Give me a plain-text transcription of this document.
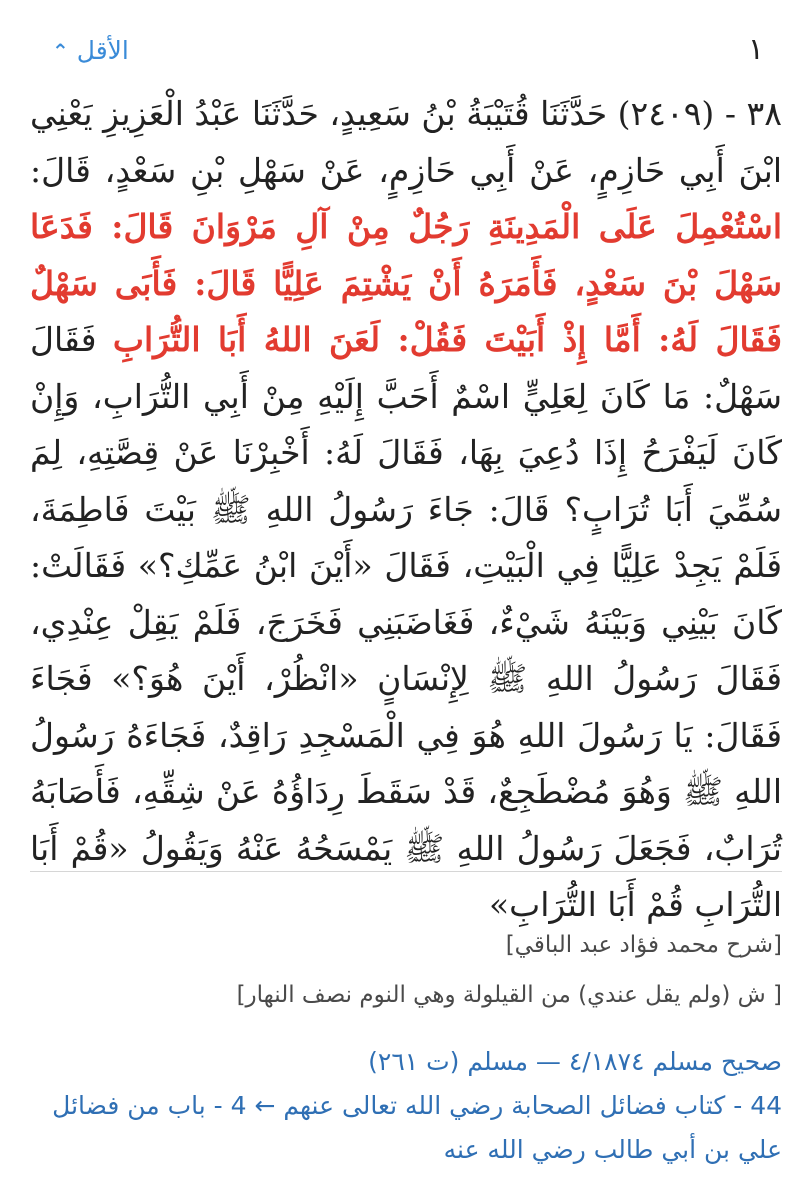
⌃ الأقل	١
٣٨ - (٢٤٠٩) حَدَّثَنَا قُتَيْبَةُ بْنُ سَعِيدٍ، حَدَّثَنَا عَبْدُ الْعَزِيزِ يَعْنِي ابْنَ أَبِي حَازِمٍ، عَنْ أَبِي حَازِمٍ، عَنْ سَهْلِ بْنِ سَعْدٍ، قَالَ: اسْتُعْمِلَ عَلَى الْمَدِينَةِ رَجُلٌ مِنْ آلِ مَرْوَانَ قَالَ: فَدَعَا سَهْلَ بْنَ سَعْدٍ، فَأَمَرَهُ أَنْ يَشْتِمَ عَلِيًّا قَالَ: فَأَبَى سَهْلٌ فَقَالَ لَهُ: أَمَّا إِذْ أَبَيْتَ فَقُلْ: لَعَنَ اللهُ أَبَا التُّرَابِ فَقَالَ سَهْلٌ: مَا كَانَ لِعَلِيٍّ اسْمٌ أَحَبَّ إِلَيْهِ مِنْ أَبِي التُّرَابِ، وَإِنْ كَانَ لَيَفْرَحُ إِذَا دُعِيَ بِهَا، فَقَالَ لَهُ: أَخْبِرْنَا عَنْ قِصَّتِهِ، لِمَ سُمِّيَ أَبَا تُرَابٍ؟ قَالَ: جَاءَ رَسُولُ اللهِ ﷺ بَيْتَ فَاطِمَةَ، فَلَمْ يَجِدْ عَلِيًّا فِي الْبَيْتِ، فَقَالَ «أَيْنَ ابْنُ عَمِّكِ؟» فَقَالَتْ: كَانَ بَيْنِي وَبَيْنَهُ شَيْءٌ، فَغَاضَبَنِي فَخَرَجَ، فَلَمْ يَقِلْ عِنْدِي، فَقَالَ رَسُولُ اللهِ ﷺ لِإِنْسَانٍ «انْظُرْ، أَيْنَ هُوَ؟» فَجَاءَ فَقَالَ: يَا رَسُولَ اللهِ هُوَ فِي الْمَسْجِدِ رَاقِدٌ، فَجَاءَهُ رَسُولُ اللهِ ﷺ وَهُوَ مُضْطَجِعٌ، قَدْ سَقَطَ رِدَاؤُهُ عَنْ شِقِّهِ، فَأَصَابَهُ تُرَابٌ، فَجَعَلَ رَسُولُ اللهِ ﷺ يَمْسَحُهُ عَنْهُ وَيَقُولُ «قُمْ أَبَا التُّرَابِ قُمْ أَبَا التُّرَابِ»
[شرح محمد فؤاد عبد الباقي]
[ ش (ولم يقل عندي) من القيلولة وهي النوم نصف النهار]
صحيح مسلم ٤/١٨٧٤ — مسلم (ت ٢٦١)
44 - كتاب فضائل الصحابة رضي الله تعالى عنهم ← 4 - باب من فضائل علي بن أبي طالب رضي الله عنه
